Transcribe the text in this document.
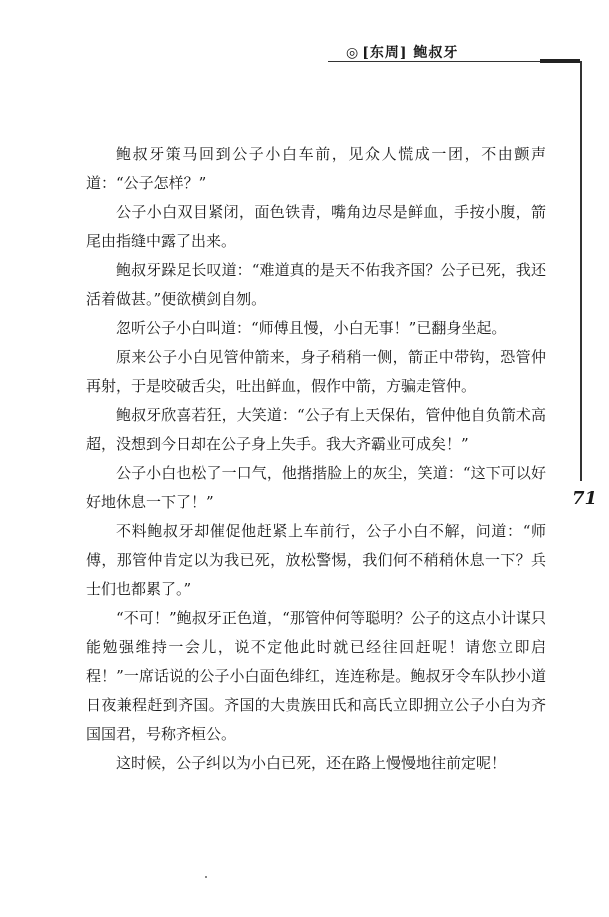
◎ [东周] 鲍叔牙
71

鲍叔牙策马回到公子小白车前，见众人慌成一团，不由颤声道：“公子怎样？”

公子小白双目紧闭，面色铁青，嘴角边尽是鲜血，手按小腹，箭尾由指缝中露了出来。

鲍叔牙跺足长叹道：“难道真的是天不佑我齐国？公子已死，我还活着做甚。”便欲横剑自刎。

忽听公子小白叫道：“师傅且慢，小白无事！”已翻身坐起。

原来公子小白见管仲箭来，身子稍稍一侧，箭正中带钩，恐管仲再射，于是咬破舌尖，吐出鲜血，假作中箭，方骗走管仲。

鲍叔牙欣喜若狂，大笑道：“公子有上天保佑，管仲他自负箭术高超，没想到今日却在公子身上失手。我大齐霸业可成矣！”

公子小白也松了一口气，他揩揩脸上的灰尘，笑道：“这下可以好好地休息一下了！”

不料鲍叔牙却催促他赶紧上车前行，公子小白不解，问道：“师傅，那管仲肯定以为我已死，放松警惕，我们何不稍稍休息一下？兵士们也都累了。”

“不可！”鲍叔牙正色道，“那管仲何等聪明？公子的这点小计谋只能勉强维持一会儿，说不定他此时就已经往回赶呢！请您立即启程！”一席话说的公子小白面色绯红，连连称是。鲍叔牙令车队抄小道日夜兼程赶到齐国。齐国的大贵族田氏和高氏立即拥立公子小白为齐国国君，号称齐桓公。

这时候，公子纠以为小白已死，还在路上慢慢地往前定呢！
